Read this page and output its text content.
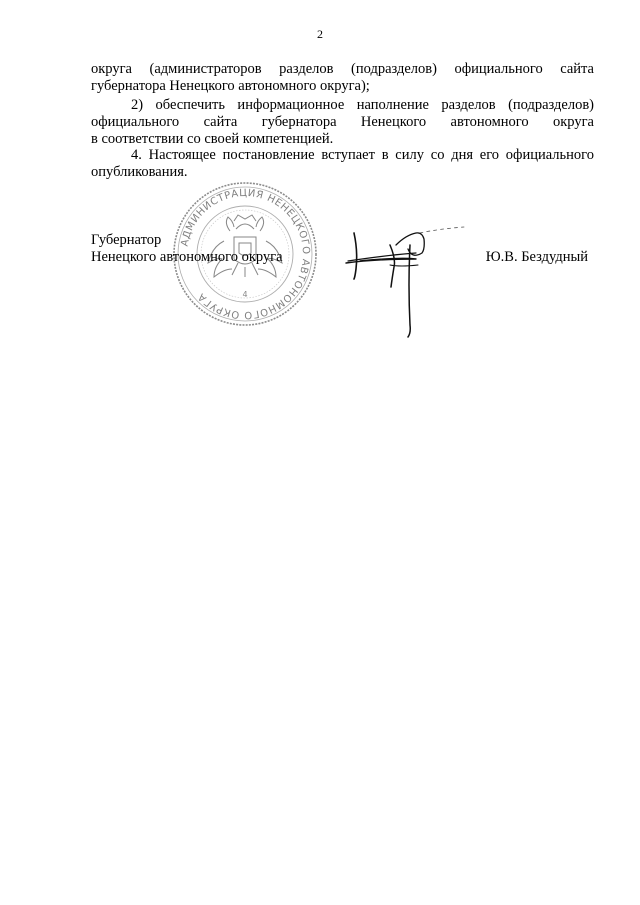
2
округа (администраторов разделов (подразделов) официального сайта
губернатора Ненецкого автономного округа);
2) обеспечить информационное наполнение разделов (подразделов)
официального сайта губернатора Ненецкого автономного округа
в соответствии со своей компетенцией.
4. Настоящее постановление вступает в силу со дня его официального
опубликования.
АДМИНИСТРАЦИЯ НЕНЕЦКОГО АВТОНОМНОГО ОКРУГА	4
Губернатор
Ненецкого автономного округа	Ю.В. Бездудный
